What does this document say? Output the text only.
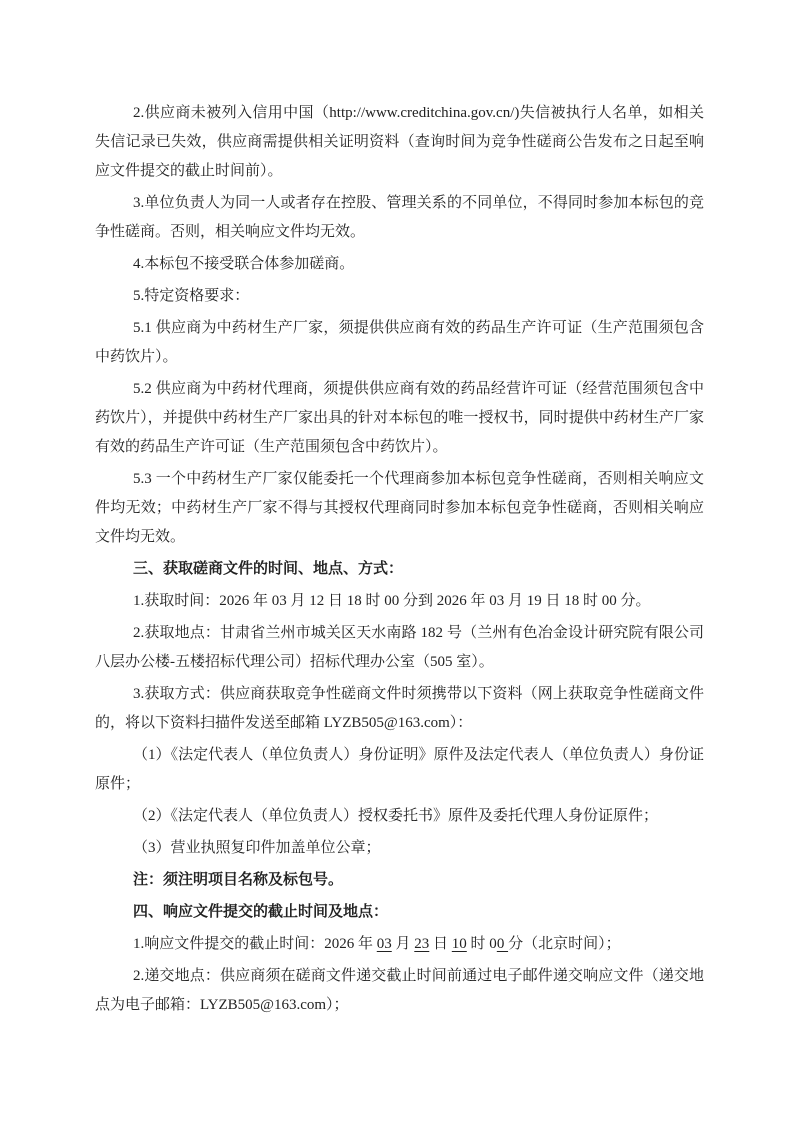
2.供应商未被列入信用中国（http://www.creditchina.gov.cn/)失信被执行人名单，如相关失信记录已失效，供应商需提供相关证明资料（查询时间为竞争性磋商公告发布之日起至响应文件提交的截止时间前）。

3.单位负责人为同一人或者存在控股、管理关系的不同单位，不得同时参加本标包的竞争性磋商。否则，相关响应文件均无效。

4.本标包不接受联合体参加磋商。

5.特定资格要求：

5.1 供应商为中药材生产厂家，须提供供应商有效的药品生产许可证（生产范围须包含中药饮片）。

5.2 供应商为中药材代理商，须提供供应商有效的药品经营许可证（经营范围须包含中药饮片），并提供中药材生产厂家出具的针对本标包的唯一授权书，同时提供中药材生产厂家有效的药品生产许可证（生产范围须包含中药饮片）。

5.3 一个中药材生产厂家仅能委托一个代理商参加本标包竞争性磋商，否则相关响应文件均无效；中药材生产厂家不得与其授权代理商同时参加本标包竞争性磋商，否则相关响应文件均无效。

三、获取磋商文件的时间、地点、方式：

1.获取时间：2026 年 03 月 12 日 18 时 00 分到 2026 年 03 月 19 日 18 时 00 分。

2.获取地点：甘肃省兰州市城关区天水南路 182 号（兰州有色冶金设计研究院有限公司八层办公楼-五楼招标代理公司）招标代理办公室（505 室）。

3.获取方式：供应商获取竞争性磋商文件时须携带以下资料（网上获取竞争性磋商文件的，将以下资料扫描件发送至邮箱 LYZB505@163.com）：

（1）《法定代表人（单位负责人）身份证明》原件及法定代表人（单位负责人）身份证原件；

（2）《法定代表人（单位负责人）授权委托书》原件及委托代理人身份证原件；

（3）营业执照复印件加盖单位公章；

注：须注明项目名称及标包号。

四、响应文件提交的截止时间及地点：

1.响应文件提交的截止时间：2026 年 03 月 23 日 10 时 00 分（北京时间）；

2.递交地点：供应商须在磋商文件递交截止时间前通过电子邮件递交响应文件（递交地点为电子邮箱：LYZB505@163.com）；
